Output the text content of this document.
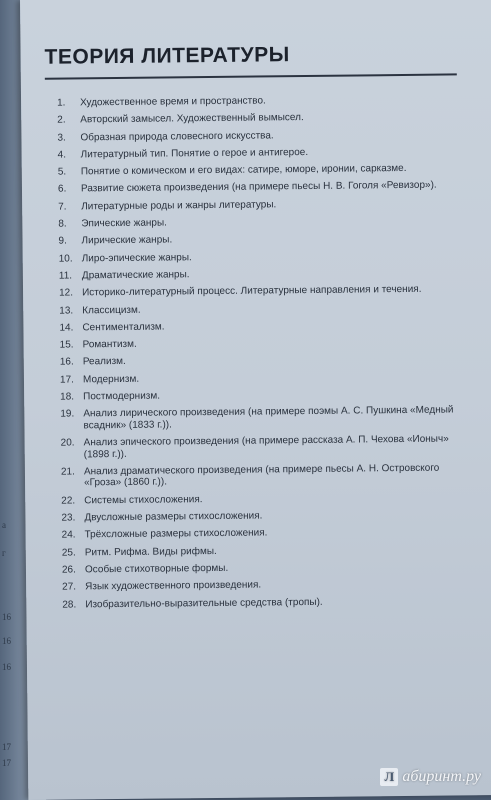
а
г
16
16
16
17
17
ТЕОРИЯ ЛИТЕРАТУРЫ
1.	Художественное время и пространство.
2.	Авторский замысел. Художественный вымысел.
3.	Образная природа словесного искусства.
4.	Литературный тип. Понятие о герое и антигерое.
5.	Понятие о комическом и его видах: сатире, юморе, иронии, сарказме.
6.	Развитие сюжета произведения (на примере пьесы Н. В. Гоголя «Ревизор»).
7.	Литературные роды и жанры литературы.
8.	Эпические жанры.
9.	Лирические жанры.
10. Лиро-эпические жанры.
11. Драматические жанры.
12. Историко-литературный процесс. Литературные направления и течения.
13. Классицизм.
14. Сентиментализм.
15. Романтизм.
16. Реализм.
17. Модернизм.
18. Постмодернизм.
19. Анализ лирического произведения (на примере поэмы А. С. Пушкина «Медный всадник» (1833 г.)).
20. Анализ эпического произведения (на примере рассказа А. П. Чехова «Ионыч» (1898 г.)).
21. Анализ драматического произведения (на примере пьесы А. Н. Островского «Гроза» (1860 г.)).
22. Системы стихосложения.
23. Двусложные размеры стихосложения.
24. Трёхсложные размеры стихосложения.
25. Ритм. Рифма. Виды рифмы.
26. Особые стихотворные формы.
27. Язык художественного произведения.
28. Изобразительно-выразительные средства (тропы).
Л абиринт.ру
